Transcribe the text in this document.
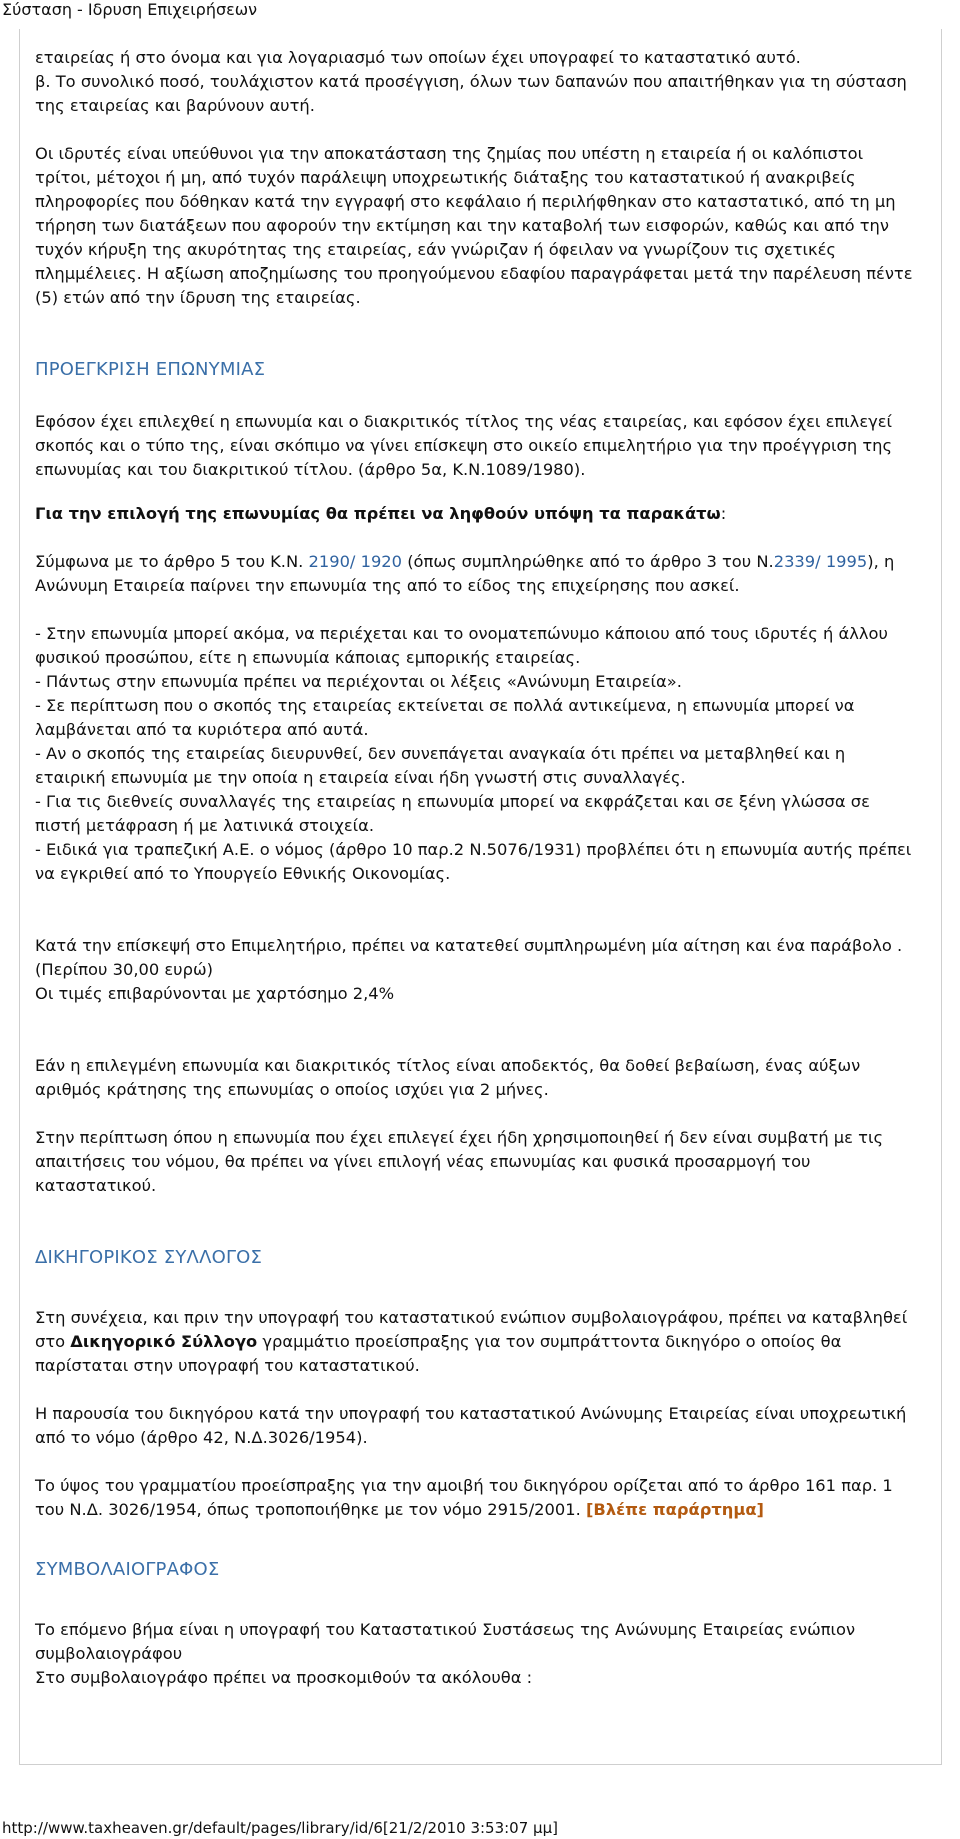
Σύσταση - Ιδρυση Επιχειρήσεων

εταιρείας ή στο όνομα και για λογαριασμό των οποίων έχει υπογραφεί το καταστατικό αυτό.

β. Το συνολικό ποσό, τουλάχιστον κατά προσέγγιση, όλων των δαπανών που απαιτήθηκαν για τη σύσταση της εταιρείας και βαρύνουν αυτή.

Οι ιδρυτές είναι υπεύθυνοι για την αποκατάσταση της ζημίας που υπέστη η εταιρεία ή οι καλόπιστοι τρίτοι, μέτοχοι ή μη, από τυχόν παράλειψη υποχρεωτικής διάταξης του καταστατικού ή ανακριβείς πληροφορίες που δόθηκαν κατά την εγγραφή στο κεφάλαιο ή περιλήφθηκαν στο καταστατικό, από τη μη τήρηση των διατάξεων που αφορούν την εκτίμηση και την καταβολή των εισφορών, καθώς και από την τυχόν κήρυξη της ακυρότητας της εταιρείας, εάν γνώριζαν ή όφειλαν να γνωρίζουν τις σχετικές πλημμέλειες. Η αξίωση αποζημίωσης του προηγούμενου εδαφίου παραγράφεται μετά την παρέλευση πέντε (5) ετών από την ίδρυση της εταιρείας.

ΠΡΟΕΓΚΡΙΣΗ ΕΠΩΝΥΜΙΑΣ

Εφόσον έχει επιλεχθεί η επωνυμία και ο διακριτικός τίτλος της νέας εταιρείας, και εφόσον έχει επιλεγεί σκοπός και ο τύπο της, είναι σκόπιμο να γίνει επίσκεψη στο οικείο επιμελητήριο για την προέγγριση της επωνυμίας και του διακριτικού τίτλου. (άρθρο 5α, Κ.Ν.1089/1980).

Για την επιλογή της επωνυμίας θα πρέπει να ληφθούν υπόψη τα παρακάτω:

Σύμφωνα με το άρθρο 5 του Κ.Ν. 2190/ 1920 (όπως συμπληρώθηκε από το άρθρο 3 του Ν.2339/ 1995), η Ανώνυμη Εταιρεία παίρνει την επωνυμία της από το είδος της επιχείρησης που ασκεί.

- Στην επωνυμία μπορεί ακόμα, να περιέχεται και το ονοματεπώνυμο κάποιου από τους ιδρυτές ή άλλου φυσικού προσώπου, είτε η επωνυμία κάποιας εμπορικής εταιρείας.

- Πάντως στην επωνυμία πρέπει να περιέχονται οι λέξεις «Ανώνυμη Εταιρεία».

- Σε περίπτωση που ο σκοπός της εταιρείας εκτείνεται σε πολλά αντικείμενα, η επωνυμία μπορεί να λαμβάνεται από τα κυριότερα από αυτά.

- Αν ο σκοπός της εταιρείας διευρυνθεί, δεν συνεπάγεται αναγκαία ότι πρέπει να μεταβληθεί και η εταιρική επωνυμία με την οποία η εταιρεία είναι ήδη γνωστή στις συναλλαγές.

- Για τις διεθνείς συναλλαγές της εταιρείας η επωνυμία μπορεί να εκφράζεται και σε ξένη γλώσσα σε πιστή μετάφραση ή με λατινικά στοιχεία.

- Ειδικά για τραπεζική Α.Ε. ο νόμος (άρθρο 10 παρ.2 Ν.5076/1931) προβλέπει ότι η επωνυμία αυτής πρέπει να εγκριθεί από το Υπουργείο Εθνικής Οικονομίας.

Κατά την επίσκεψή στο Επιμελητήριο, πρέπει να κατατεθεί συμπληρωμένη μία αίτηση και ένα παράβολο .(Περίπου 30,00 ευρώ)

Οι τιμές επιβαρύνονται με χαρτόσημο 2,4%

Εάν η επιλεγμένη επωνυμία και διακριτικός τίτλος είναι αποδεκτός, θα δοθεί βεβαίωση, ένας αύξων αριθμός κράτησης της επωνυμίας ο οποίος ισχύει για 2 μήνες.

Στην περίπτωση όπου η επωνυμία που έχει επιλεγεί έχει ήδη χρησιμοποιηθεί ή δεν είναι συμβατή με τις απαιτήσεις του νόμου, θα πρέπει να γίνει επιλογή νέας επωνυμίας και φυσικά προσαρμογή του καταστατικού.

ΔΙΚΗΓΟΡΙΚΟΣ ΣΥΛΛΟΓΟΣ

Στη συνέχεια, και πριν την υπογραφή του καταστατικού ενώπιον συμβολαιογράφου, πρέπει να καταβληθεί στο Δικηγορικό Σύλλογο γραμμάτιο προείσπραξης για τον συμπράττοντα δικηγόρο ο οποίος θα παρίσταται στην υπογραφή του καταστατικού.

Η παρουσία του δικηγόρου κατά την υπογραφή του καταστατικού Ανώνυμης Εταιρείας είναι υποχρεωτική από το νόμο (άρθρο 42, Ν.Δ.3026/1954).

Το ύψος του γραμματίου προείσπραξης για την αμοιβή του δικηγόρου ορίζεται από το άρθρο 161 παρ. 1 του Ν.Δ. 3026/1954, όπως τροποποιήθηκε με τον νόμο 2915/2001. [Βλέπε παράρτημα]

ΣΥΜΒΟΛΑΙΟΓΡΑΦΟΣ

Το επόμενο βήμα είναι η υπογραφή του Καταστατικού Συστάσεως της Ανώνυμης Εταιρείας ενώπιον συμβολαιογράφου

Στο συμβολαιογράφο πρέπει να προσκομιθούν τα ακόλουθα :

http://www.taxheaven.gr/default/pages/library/id/6[21/2/2010 3:53:07 μμ]
